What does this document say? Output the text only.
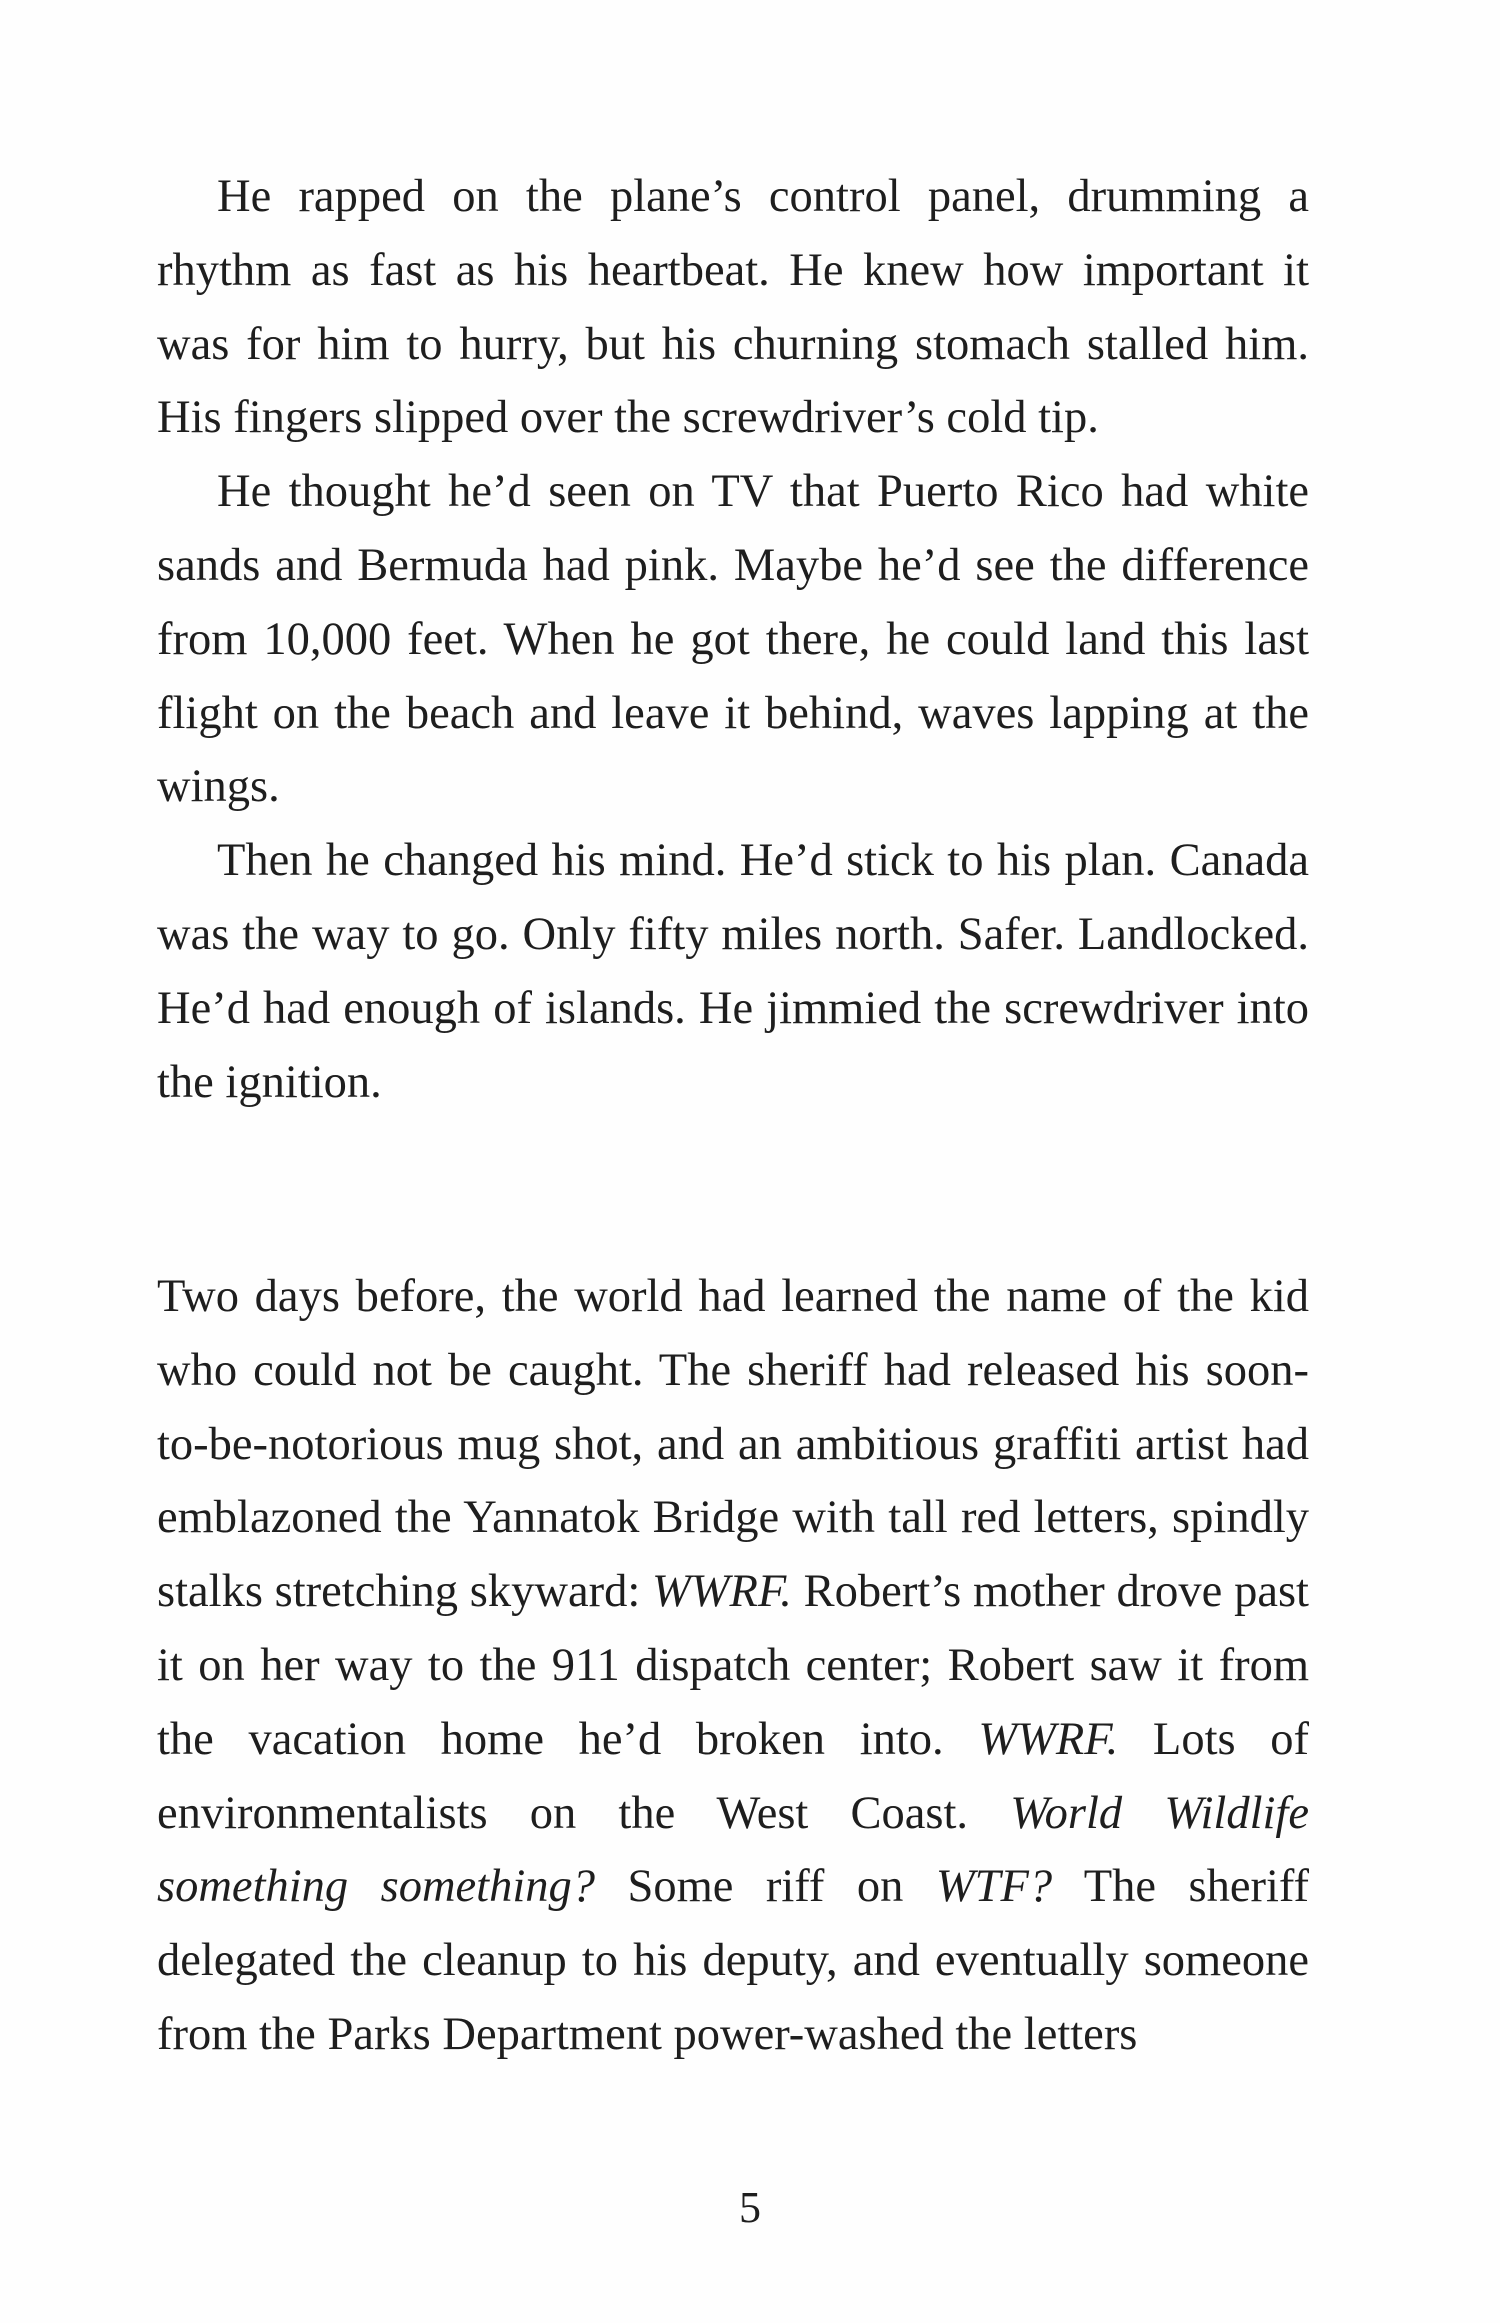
He rapped on the plane’s control panel, drumming a rhythm as fast as his heartbeat. He knew how important it was for him to hurry, but his churning stomach stalled him. His fingers slipped over the screwdriver’s cold tip.

He thought he’d seen on TV that Puerto Rico had white sands and Bermuda had pink. Maybe he’d see the difference from 10,000 feet. When he got there, he could land this last flight on the beach and leave it behind, waves lapping at the wings.

Then he changed his mind. He’d stick to his plan. Canada was the way to go. Only fifty miles north. Safer. Landlocked. He’d had enough of islands. He jimmied the screwdriver into the ignition.

Two days before, the world had learned the name of the kid who could not be caught. The sheriff had released his soon-to-be-notorious mug shot, and an ambitious graffiti artist had emblazoned the Yannatok Bridge with tall red letters, spindly stalks stretching skyward: WWRF. Robert’s mother drove past it on her way to the 911 dispatch center; Robert saw it from the vacation home he’d broken into. WWRF. Lots of environmentalists on the West Coast. World Wildlife something something? Some riff on WTF? The sheriff delegated the cleanup to his deputy, and eventually someone from the Parks Department power-washed the letters

5
